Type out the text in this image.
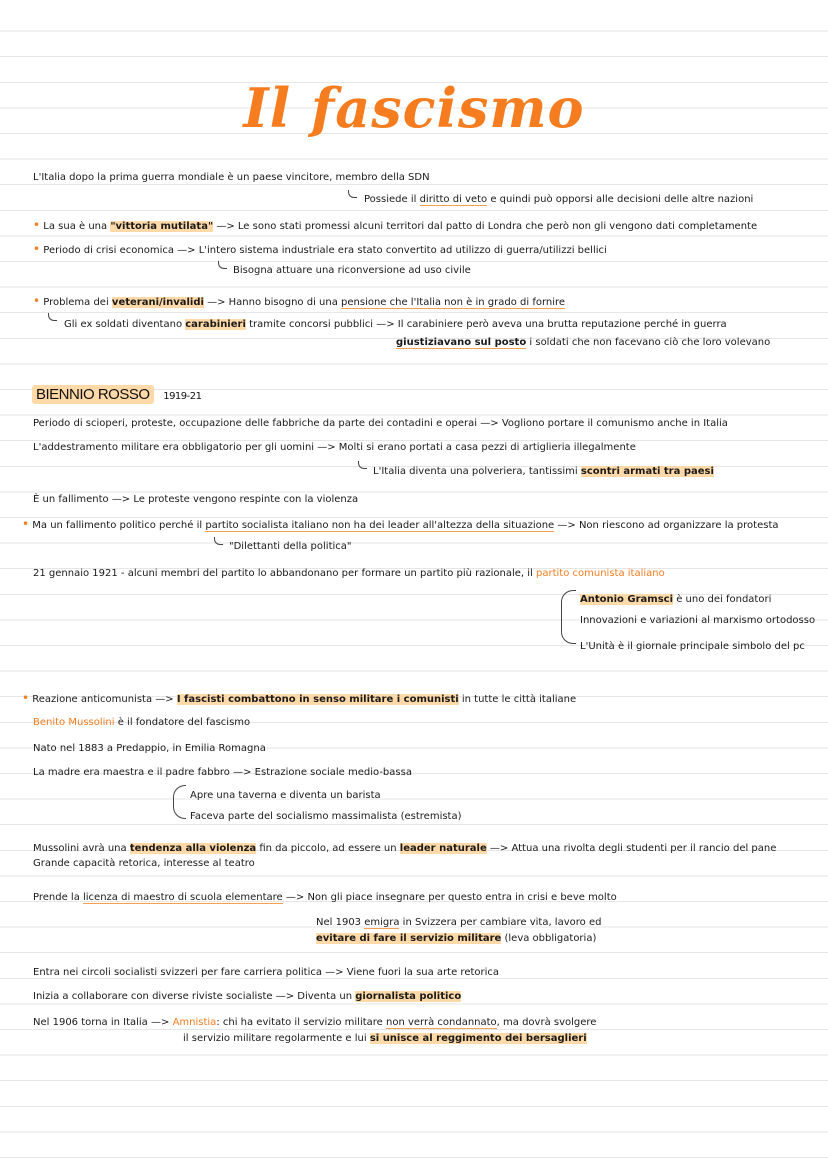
Il fascismo
L'Italia dopo la prima guerra mondiale è un paese vincitore, membro della SDN
Possiede il diritto di veto e quindi può opporsi alle decisioni delle altre nazioni
• La sua è una "vittoria mutilata" —> Le sono stati promessi alcuni territori dal patto di Londra che però non gli vengono dati completamente
• Periodo di crisi economica —> L'intero sistema industriale era stato convertito ad utilizzo di guerra/utilizzi bellici
Bisogna attuare una riconversione ad uso civile
• Problema dei veterani/invalidi —> Hanno bisogno di una pensione che l'Italia non è in grado di fornire
Gli ex soldati diventano carabinieri tramite concorsi pubblici —> Il carabiniere però aveva una brutta reputazione perché in guerra
giustiziavano sul posto i soldati che non facevano ciò che loro volevano
BIENNIO ROSSO 1919-21
Periodo di scioperi, proteste, occupazione delle fabbriche da parte dei contadini e operai —> Vogliono portare il comunismo anche in Italia
L'addestramento militare era obbligatorio per gli uomini —> Molti si erano portati a casa pezzi di artiglieria illegalmente
L'Italia diventa una polveriera, tantissimi scontri armati tra paesi
È un fallimento —> Le proteste vengono respinte con la violenza
• Ma un fallimento politico perché il partito socialista italiano non ha dei leader all'altezza della situazione —> Non riescono ad organizzare la protesta
"Dilettanti della politica"
21 gennaio 1921 - alcuni membri del partito lo abbandonano per formare un partito più razionale, il partito comunista italiano
Antonio Gramsci è uno dei fondatori
Innovazioni e variazioni al marxismo ortodosso
L'Unità è il giornale principale simbolo del pc
• Reazione anticomunista —> I fascisti combattono in senso militare i comunisti in tutte le città italiane
Benito Mussolini è il fondatore del fascismo
Nato nel 1883 a Predappio, in Emilia Romagna
La madre era maestra e il padre fabbro —> Estrazione sociale medio-bassa
Apre una taverna e diventa un barista
Faceva parte del socialismo massimalista (estremista)
Mussolini avrà una tendenza alla violenza fin da piccolo, ad essere un leader naturale —> Attua una rivolta degli studenti per il rancio del pane
Grande capacità retorica, interesse al teatro
Prende la licenza di maestro di scuola elementare —> Non gli piace insegnare per questo entra in crisi e beve molto
Nel 1903 emigra in Svizzera per cambiare vita, lavoro ed
evitare di fare il servizio militare (leva obbligatoria)
Entra nei circoli socialisti svizzeri per fare carriera politica —> Viene fuori la sua arte retorica
Inizia a collaborare con diverse riviste socialiste —> Diventa un giornalista politico
Nel 1906 torna in Italia —> Amnistia: chi ha evitato il servizio militare non verrà condannato, ma dovrà svolgere
il servizio militare regolarmente e lui si unisce al reggimento dei bersaglieri
